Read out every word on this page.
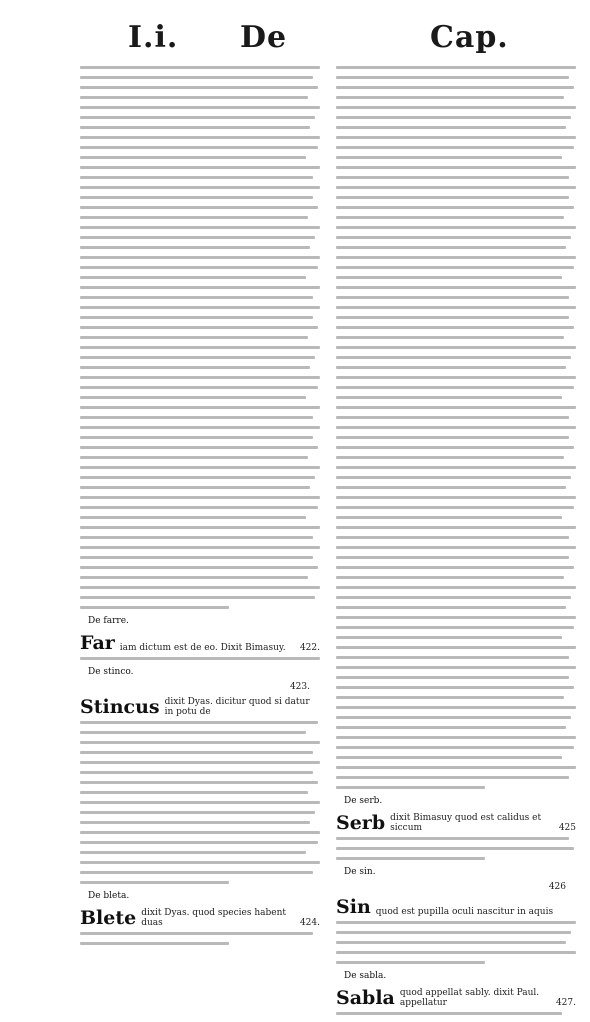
I.i. De	Cap.
De farre.
Far iam dictum est de eo. Dixit Bimasuy.	422.
De stinco.
423.
Stincus dixit Dyas. dicitur quod si datur in potu de
De bleta.
Blete dixit Dyas. quod species habent duas	424.
De serb.
Serb dixit Bimasuy quod est calidus et siccum	425
De sin.
426
Sin quod est pupilla oculi nascitur in aquis
De sabla.
Sabla quod appellat sably. dixit Paul. appellatur	427.
